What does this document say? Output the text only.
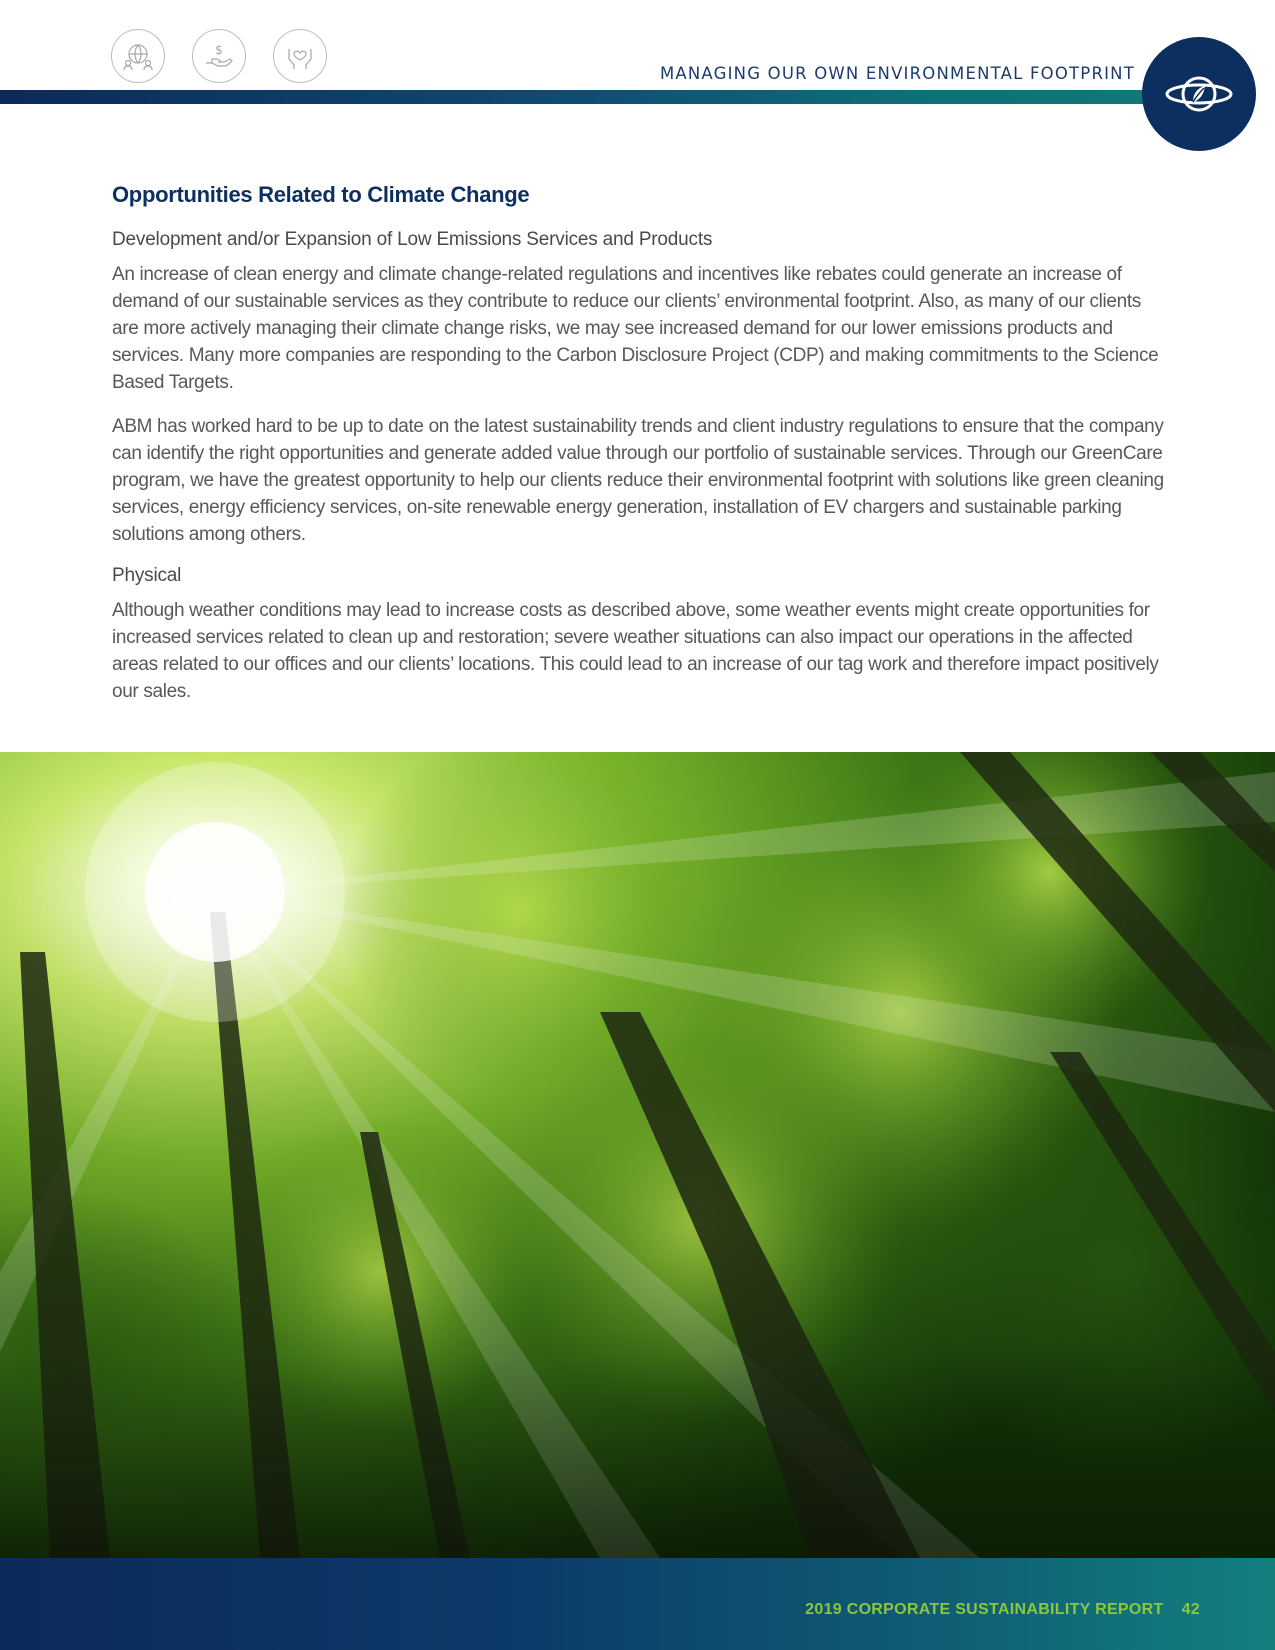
$
MANAGING OUR OWN ENVIRONMENTAL FOOTPRINT
Opportunities Related to Climate Change
Development and/or Expansion of Low Emissions Services and Products

An increase of clean energy and climate change-related regulations and incentives like rebates could generate an increase of demand of our sustainable services as they contribute to reduce our clients’ environmental footprint. Also, as many of our clients are more actively managing their climate change risks, we may see increased demand for our lower emissions products and services. Many more companies are responding to the Carbon Disclosure Project (CDP) and making commitments to the Science Based Targets.

ABM has worked hard to be up to date on the latest sustainability trends and client industry regulations to ensure that the company can identify the right opportunities and generate added value through our portfolio of sustainable services. Through our GreenCare program, we have the greatest opportunity to help our clients reduce their environmental footprint with solutions like green cleaning services, energy efficiency services, on-site renewable energy generation, installation of EV chargers and sustainable parking solutions among others.

Physical

Although weather conditions may lead to increase costs as described above, some weather events might create opportunities for increased services related to clean up and restoration; severe weather situations can also impact our operations in the affected areas related to our offices and our clients’ locations. This could lead to an increase of our tag work and therefore impact positively our sales.

2019 CORPORATE SUSTAINABILITY REPORT 42
